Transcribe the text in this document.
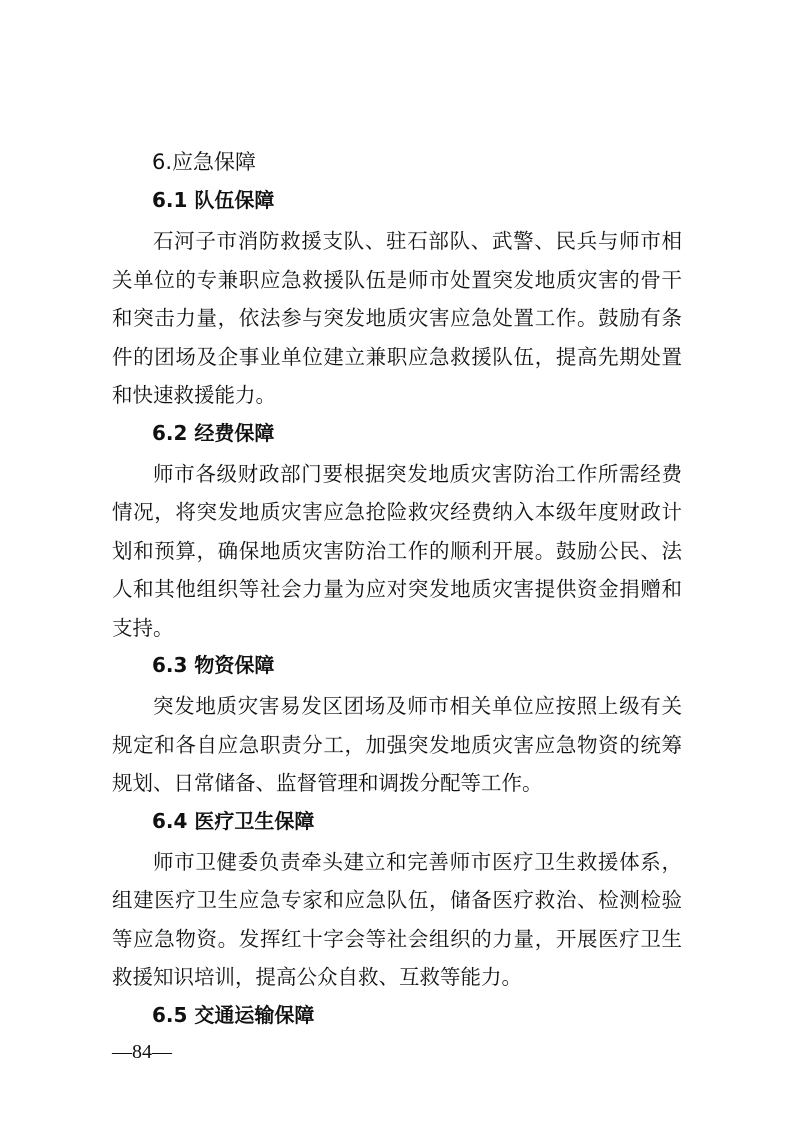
6.应急保障
6.1 队伍保障

石河子市消防救援支队、驻石部队、武警、民兵与师市相关单位的专兼职应急救援队伍是师市处置突发地质灾害的骨干和突击力量，依法参与突发地质灾害应急处置工作。鼓励有条件的团场及企事业单位建立兼职应急救援队伍，提高先期处置和快速救援能力。

6.2 经费保障

师市各级财政部门要根据突发地质灾害防治工作所需经费情况，将突发地质灾害应急抢险救灾经费纳入本级年度财政计划和预算，确保地质灾害防治工作的顺利开展。鼓励公民、法人和其他组织等社会力量为应对突发地质灾害提供资金捐赠和支持。

6.3 物资保障

突发地质灾害易发区团场及师市相关单位应按照上级有关规定和各自应急职责分工，加强突发地质灾害应急物资的统筹规划、日常储备、监督管理和调拨分配等工作。

6.4 医疗卫生保障

师市卫健委负责牵头建立和完善师市医疗卫生救援体系，组建医疗卫生应急专家和应急队伍，储备医疗救治、检测检验等应急物资。发挥红十字会等社会组织的力量，开展医疗卫生救援知识培训，提高公众自救、互救等能力。

6.5 交通运输保障
—84—
